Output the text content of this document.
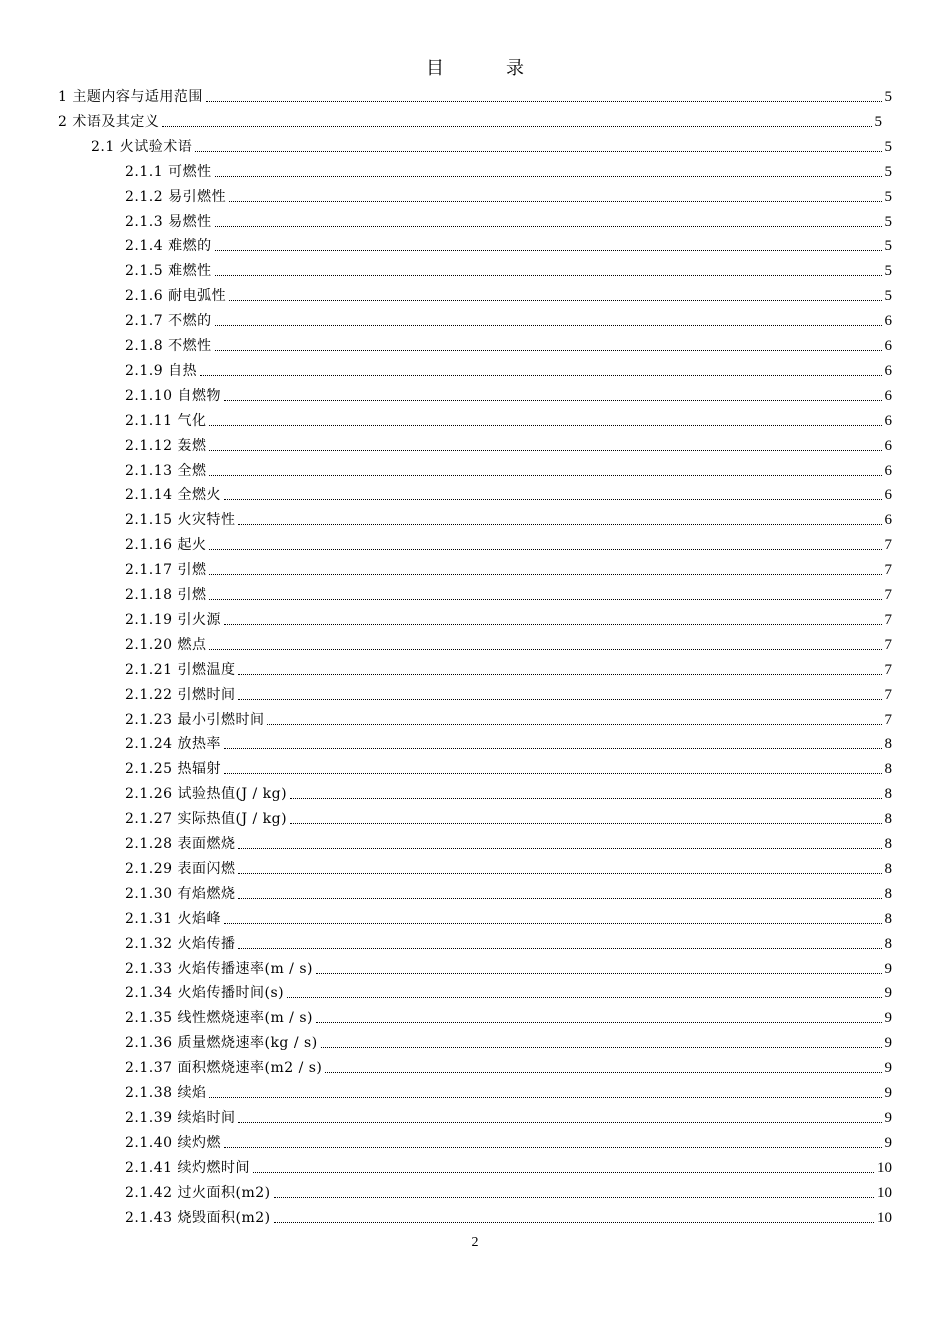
目　录
1 主题内容与适用范围	5
2 术语及其定义	5
2.1 火试验术语	5
2.1.1 可燃性	5
2.1.2 易引燃性	5
2.1.3 易燃性	5
2.1.4 难燃的	5
2.1.5 难燃性	5
2.1.6 耐电弧性	5
2.1.7 不燃的	6
2.1.8 不燃性	6
2.1.9 自热	6
2.1.10 自燃物	6
2.1.11 气化	6
2.1.12 轰燃	6
2.1.13 全燃	6
2.1.14 全燃火	6
2.1.15 火灾特性	6
2.1.16 起火	7
2.1.17 引燃	7
2.1.18 引燃	7
2.1.19 引火源	7
2.1.20 燃点	7
2.1.21 引燃温度	7
2.1.22 引燃时间	7
2.1.23 最小引燃时间	7
2.1.24 放热率	8
2.1.25 热辐射	8
2.1.26 试验热值(J / kg)	8
2.1.27 实际热值(J / kg)	8
2.1.28 表面燃烧	8
2.1.29 表面闪燃	8
2.1.30 有焰燃烧	8
2.1.31 火焰峰	8
2.1.32 火焰传播	8
2.1.33 火焰传播速率(m / s)	9
2.1.34 火焰传播时间(s)	9
2.1.35 线性燃烧速率(m / s)	9
2.1.36 质量燃烧速率(kg / s)	9
2.1.37 面积燃烧速率(m2 / s)	9
2.1.38 续焰	9
2.1.39 续焰时间	9
2.1.40 续灼燃	9
2.1.41 续灼燃时间	10
2.1.42 过火面积(m2)	10
2.1.43 烧毁面积(m2)	10
2
